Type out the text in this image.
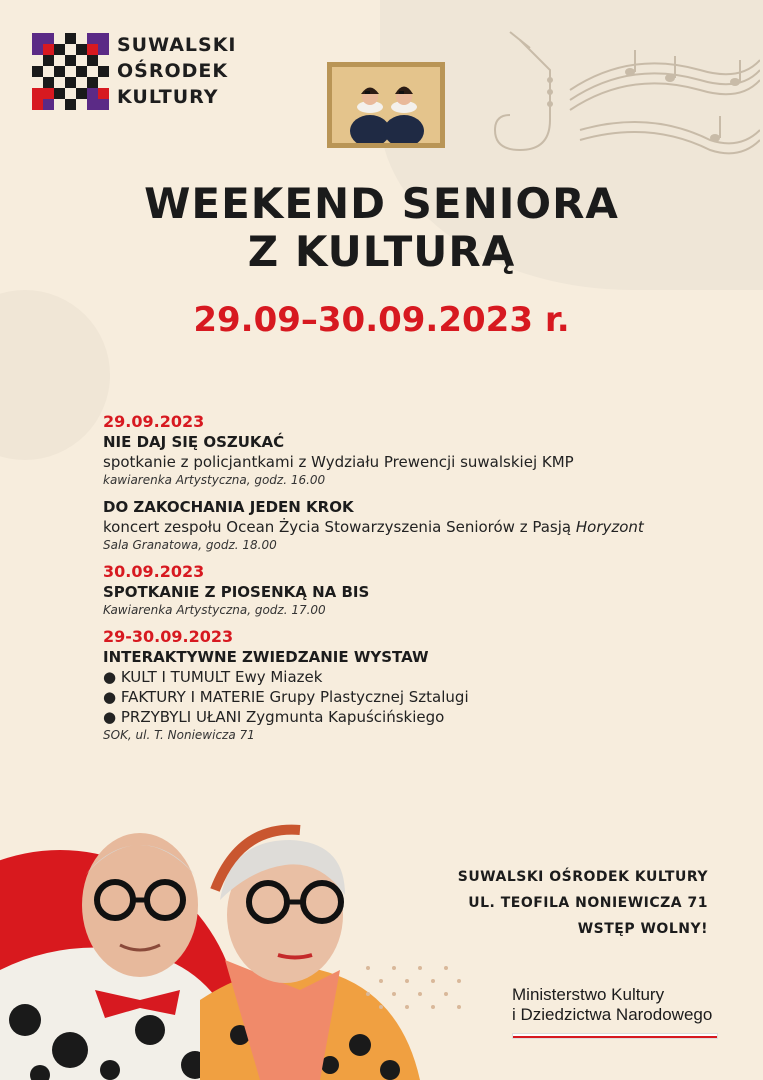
SUWALSKI
OŚRODEK
KULTURY
WEEKEND SENIORA
Z KULTURĄ
29.09–30.09.2023 r.
29.09.2023
NIE DAJ SIĘ OSZUKAĆ
spotkanie z policjantkami z Wydziału Prewencji suwalskiej KMP
kawiarenka Artystyczna, godz. 16.00
DO ZAKOCHANIA JEDEN KROK
koncert zespołu Ocean Życia Stowarzyszenia Seniorów z Pasją Horyzont
Sala Granatowa, godz. 18.00
30.09.2023
SPOTKANIE Z PIOSENKĄ NA BIS
Kawiarenka Artystyczna, godz. 17.00
29-30.09.2023
INTERAKTYWNE ZWIEDZANIE WYSTAW
● KULT I TUMULT Ewy Miazek
● FAKTURY I MATERIE Grupy Plastycznej Sztalugi
● PRZYBYLI UŁANI Zygmunta Kapuścińskiego
SOK, ul. T. Noniewicza 71
SUWALSKI OŚRODEK KULTURY
UL. TEOFILA NONIEWICZA 71
WSTĘP WOLNY!
Ministerstwo Kultury
i Dziedzictwa Narodowego
